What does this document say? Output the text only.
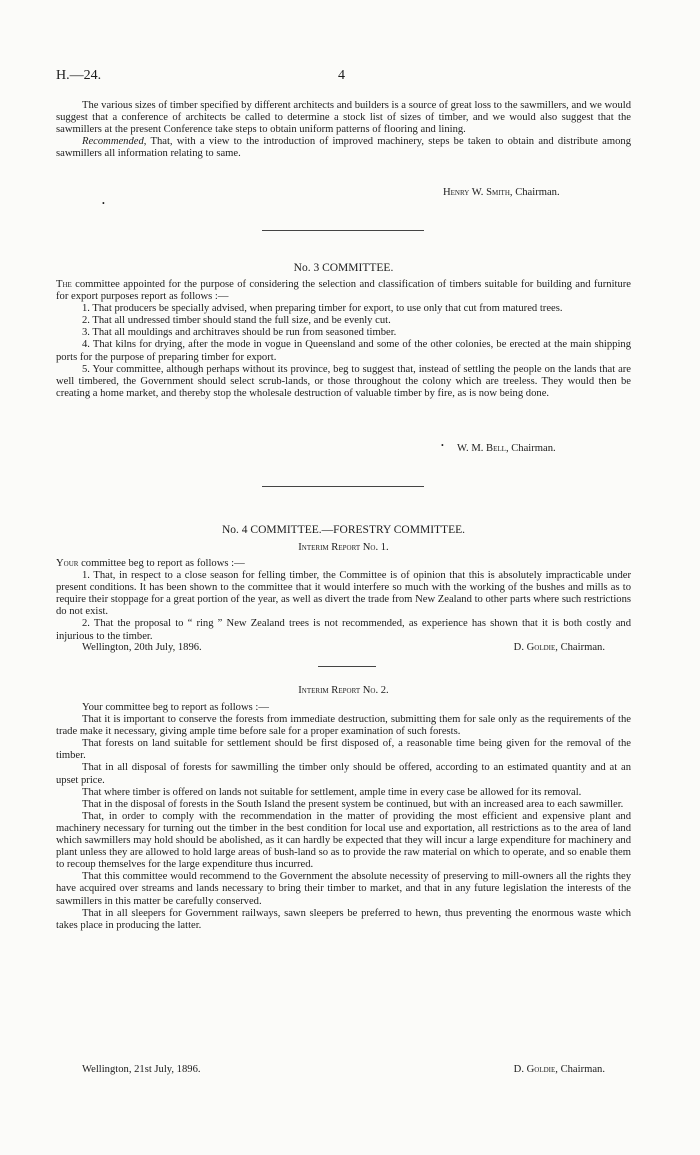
H.—24.	4

The various sizes of timber specified by different architects and builders is a source of great loss to the sawmillers, and we would suggest that a conference of architects be called to determine a stock list of sizes of timber, and we would also suggest that the sawmillers at the present Conference take steps to obtain uniform patterns of flooring and lining.

Recommended, That, with a view to the introduction of improved machinery, steps be taken to obtain and distribute among sawmillers all information relating to same.

Henry W. Smith, Chairman.
•
No. 3 COMMITTEE.

The committee appointed for the purpose of considering the selection and classification of timbers suitable for building and furniture for export purposes report as follows :—

1. That producers be specially advised, when preparing timber for export, to use only that cut from matured trees.

2. That all undressed timber should stand the full size, and be evenly cut.

3. That all mouldings and architraves should be run from seasoned timber.

4. That kilns for drying, after the mode in vogue in Queensland and some of the other colonies, be erected at the main shipping ports for the purpose of preparing timber for export.

5. Your committee, although perhaps without its province, beg to suggest that, instead of settling the people on the lands that are well timbered, the Government should select scrub-lands, or those throughout the colony which are treeless. They would then be creating a home market, and thereby stop the wholesale destruction of valuable timber by fire, as is now being done.

W. M. Bell, Chairman.
•
No. 4 COMMITTEE.—FORESTRY COMMITTEE.
Interim Report No. 1.

Your committee beg to report as follows :—

1. That, in respect to a close season for felling timber, the Committee is of opinion that this is absolutely impracticable under present conditions. It has been shown to the committee that it would interfere so much with the working of the bushes and mills as to require their stoppage for a great portion of the year, as well as divert the trade from New Zealand to other parts where such restrictions do not exist.

2. That the proposal to “ ring ” New Zealand trees is not recommended, as experience has shown that it is both costly and injurious to the timber.

Wellington, 20th July, 1896.	D. Goldie, Chairman.
Interim Report No. 2.

Your committee beg to report as follows :—

That it is important to conserve the forests from immediate destruction, submitting them for sale only as the requirements of the trade make it necessary, giving ample time before sale for a proper examination of such forests.

That forests on land suitable for settlement should be first disposed of, a reasonable time being given for the removal of the timber.

That in all disposal of forests for sawmilling the timber only should be offered, according to an estimated quantity and at an upset price.

That where timber is offered on lands not suitable for settlement, ample time in every case be allowed for its removal.

That in the disposal of forests in the South Island the present system be continued, but with an increased area to each sawmiller.

That, in order to comply with the recommendation in the matter of providing the most efficient and expensive plant and machinery necessary for turning out the timber in the best condition for local use and exportation, all restrictions as to the area of land which sawmillers may hold should be abolished, as it can hardly be expected that they will incur a large expenditure for machinery and plant unless they are allowed to hold large areas of bush-land so as to provide the raw material on which to operate, and so enable them to recoup themselves for the large expenditure thus incurred.

That this committee would recommend to the Government the absolute necessity of preserving to mill-owners all the rights they have acquired over streams and lands necessary to bring their timber to market, and that in any future legislation the interests of the sawmillers in this matter be carefully conserved.

That in all sleepers for Government railways, sawn sleepers be preferred to hewn, thus preventing the enormous waste which takes place in producing the latter.

Wellington, 21st July, 1896.	D. Goldie, Chairman.
